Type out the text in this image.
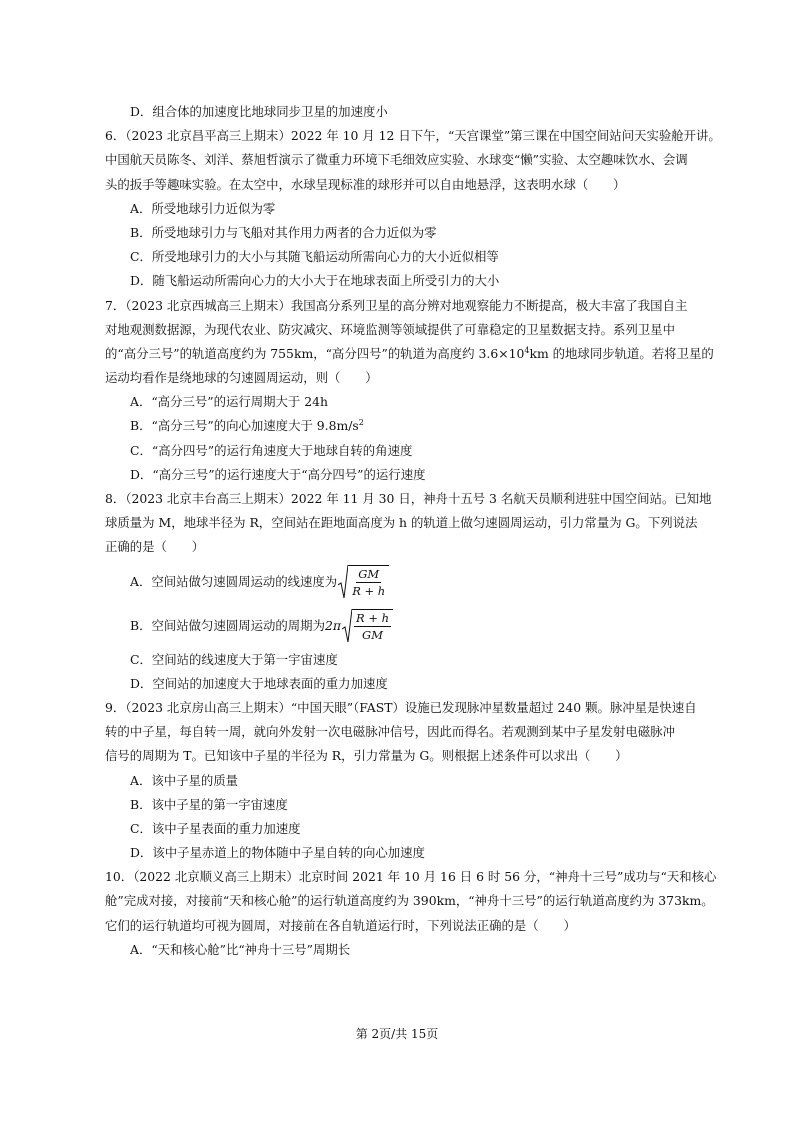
D．组合体的加速度比地球同步卫星的加速度小
6．（2023 北京昌平高三上期末）2022 年 10 月 12 日下午，“天宫课堂”第三课在中国空间站问天实验舱开讲。
中国航天员陈冬、刘洋、蔡旭哲演示了微重力环境下毛细效应实验、水球变“懒”实验、太空趣味饮水、会调
头的扳手等趣味实验。在太空中，水球呈现标准的球形并可以自由地悬浮，这表明水球（　　）
A．所受地球引力近似为零
B．所受地球引力与飞船对其作用力两者的合力近似为零
C．所受地球引力的大小与其随飞船运动所需向心力的大小近似相等
D．随飞船运动所需向心力的大小大于在地球表面上所受引力的大小
7．（2023 北京西城高三上期末）我国高分系列卫星的高分辨对地观察能力不断提高，极大丰富了我国自主
对地观测数据源，为现代农业、防灾减灾、环境监测等领域提供了可靠稳定的卫星数据支持。系列卫星中
的“高分三号”的轨道高度约为 755km，“高分四号”的轨道为高度约 $3.6\times 10^4km$ 的地球同步轨道。若将卫星的
运动均看作是绕地球的匀速圆周运动，则（　　）
A．“高分三号”的运行周期大于 24h
B．“高分三号”的向心加速度大于 $9.8m/s^2$
C．“高分四号”的运行角速度大于地球自转的角速度
D．“高分三号”的运行速度大于“高分四号”的运行速度
8．（2023 北京丰台高三上期末）2022 年 11 月 30 日，神舟十五号 3 名航天员顺利进驻中国空间站。已知地
球质量为 M，地球半径为 R，空间站在距地面高度为 h 的轨道上做匀速圆周运动，引力常量为 G。下列说法
正确的是（　　）
A．空间站做匀速圆周运动的线速度为 $\frac{GM}{R + h}$
B．空间站做匀速圆周运动的周期为 $2\pi \frac{R + h}{GM}$
C．空间站的线速度大于第一宇宙速度
D．空间站的加速度大于地球表面的重力加速度
9．（2023 北京房山高三上期末）“中国天眼”（FAST）设施已发现脉冲星数量超过 240 颗。脉冲星是快速自
转的中子星，每自转一周，就向外发射一次电磁脉冲信号，因此而得名。若观测到某中子星发射电磁脉冲
信号的周期为 T。已知该中子星的半径为 R，引力常量为 G。则根据上述条件可以求出（　　）
A．该中子星的质量
B．该中子星的第一宇宙速度
C．该中子星表面的重力加速度
D．该中子星赤道上的物体随中子星自转的向心加速度
10．（2022 北京顺义高三上期末）北京时间 2021 年 10 月 16 日 6 时 56 分，“神舟十三号”成功与“天和核心
舱”完成对接，对接前“天和核心舱”的运行轨道高度约为 390km，“神舟十三号”的运行轨道高度约为 373km。
它们的运行轨道均可视为圆周，对接前在各自轨道运行时，下列说法正确的是（　　）
A．“天和核心舱”比“神舟十三号”周期长
第 2页/共 15页
